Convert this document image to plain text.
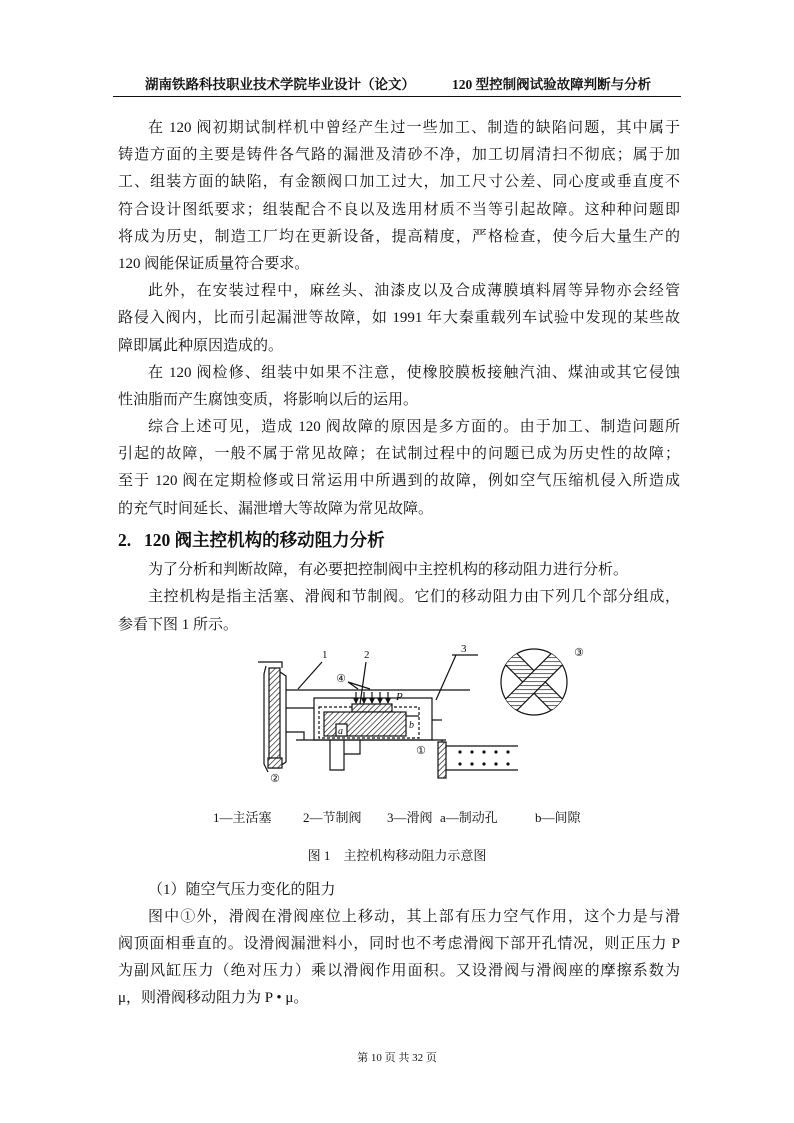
湖南铁路科技职业技术学院毕业设计（论文）	120 型控制阀试验故障判断与分析
在 120 阀初期试制样机中曾经产生过一些加工、制造的缺陷问题，其中属于
铸造方面的主要是铸件各气路的漏泄及清砂不净，加工切屑清扫不彻底；属于加
工、组装方面的缺陷，有金额阀口加工过大，加工尺寸公差、同心度或垂直度不
符合设计图纸要求；组装配合不良以及选用材质不当等引起故障。这种种问题即
将成为历史，制造工厂均在更新设备，提高精度，严格检查，使今后大量生产的
120 阀能保证质量符合要求。
此外，在安装过程中，麻丝头、油漆皮以及合成薄膜填料屑等异物亦会经管
路侵入阀内，比而引起漏泄等故障，如 1991 年大秦重载列车试验中发现的某些故
障即属此种原因造成的。
在 120 阀检修、组装中如果不注意，使橡胶膜板接触汽油、煤油或其它侵蚀
性油脂而产生腐蚀变质，将影响以后的运用。
综合上述可见，造成 120 阀故障的原因是多方面的。由于加工、制造问题所
引起的故障，一般不属于常见故障；在试制过程中的问题已成为历史性的故障；
至于 120 阀在定期检修或日常运用中所遇到的故障，例如空气压缩机侵入所造成
的充气时间延长、漏泄增大等故障为常见故障。
2. 120 阀主控机构的移动阻力分析
为了分析和判断故障，有必要把控制阀中主控机构的移动阻力进行分析。
主控机构是指主活塞、滑阀和节制阀。它们的移动阻力由下列几个部分组成，
参看下图 1 所示。
1	2	3
P
a
b
④
①
②
③
1—主活塞 2—节制阀 3—滑阀 a—制动孔	b—间隙
图 1    主控机构移动阻力示意图
（1）随空气压力变化的阻力
图中①外，滑阀在滑阀座位上移动，其上部有压力空气作用，这个力是与滑
阀顶面相垂直的。设滑阀漏泄料小，同时也不考虑滑阀下部开孔情况，则正压力 P
为副风缸压力（绝对压力）乘以滑阀作用面积。又设滑阀与滑阀座的摩擦系数为
μ，则滑阀移动阻力为 P • μ。
第 10 页 共 32 页
